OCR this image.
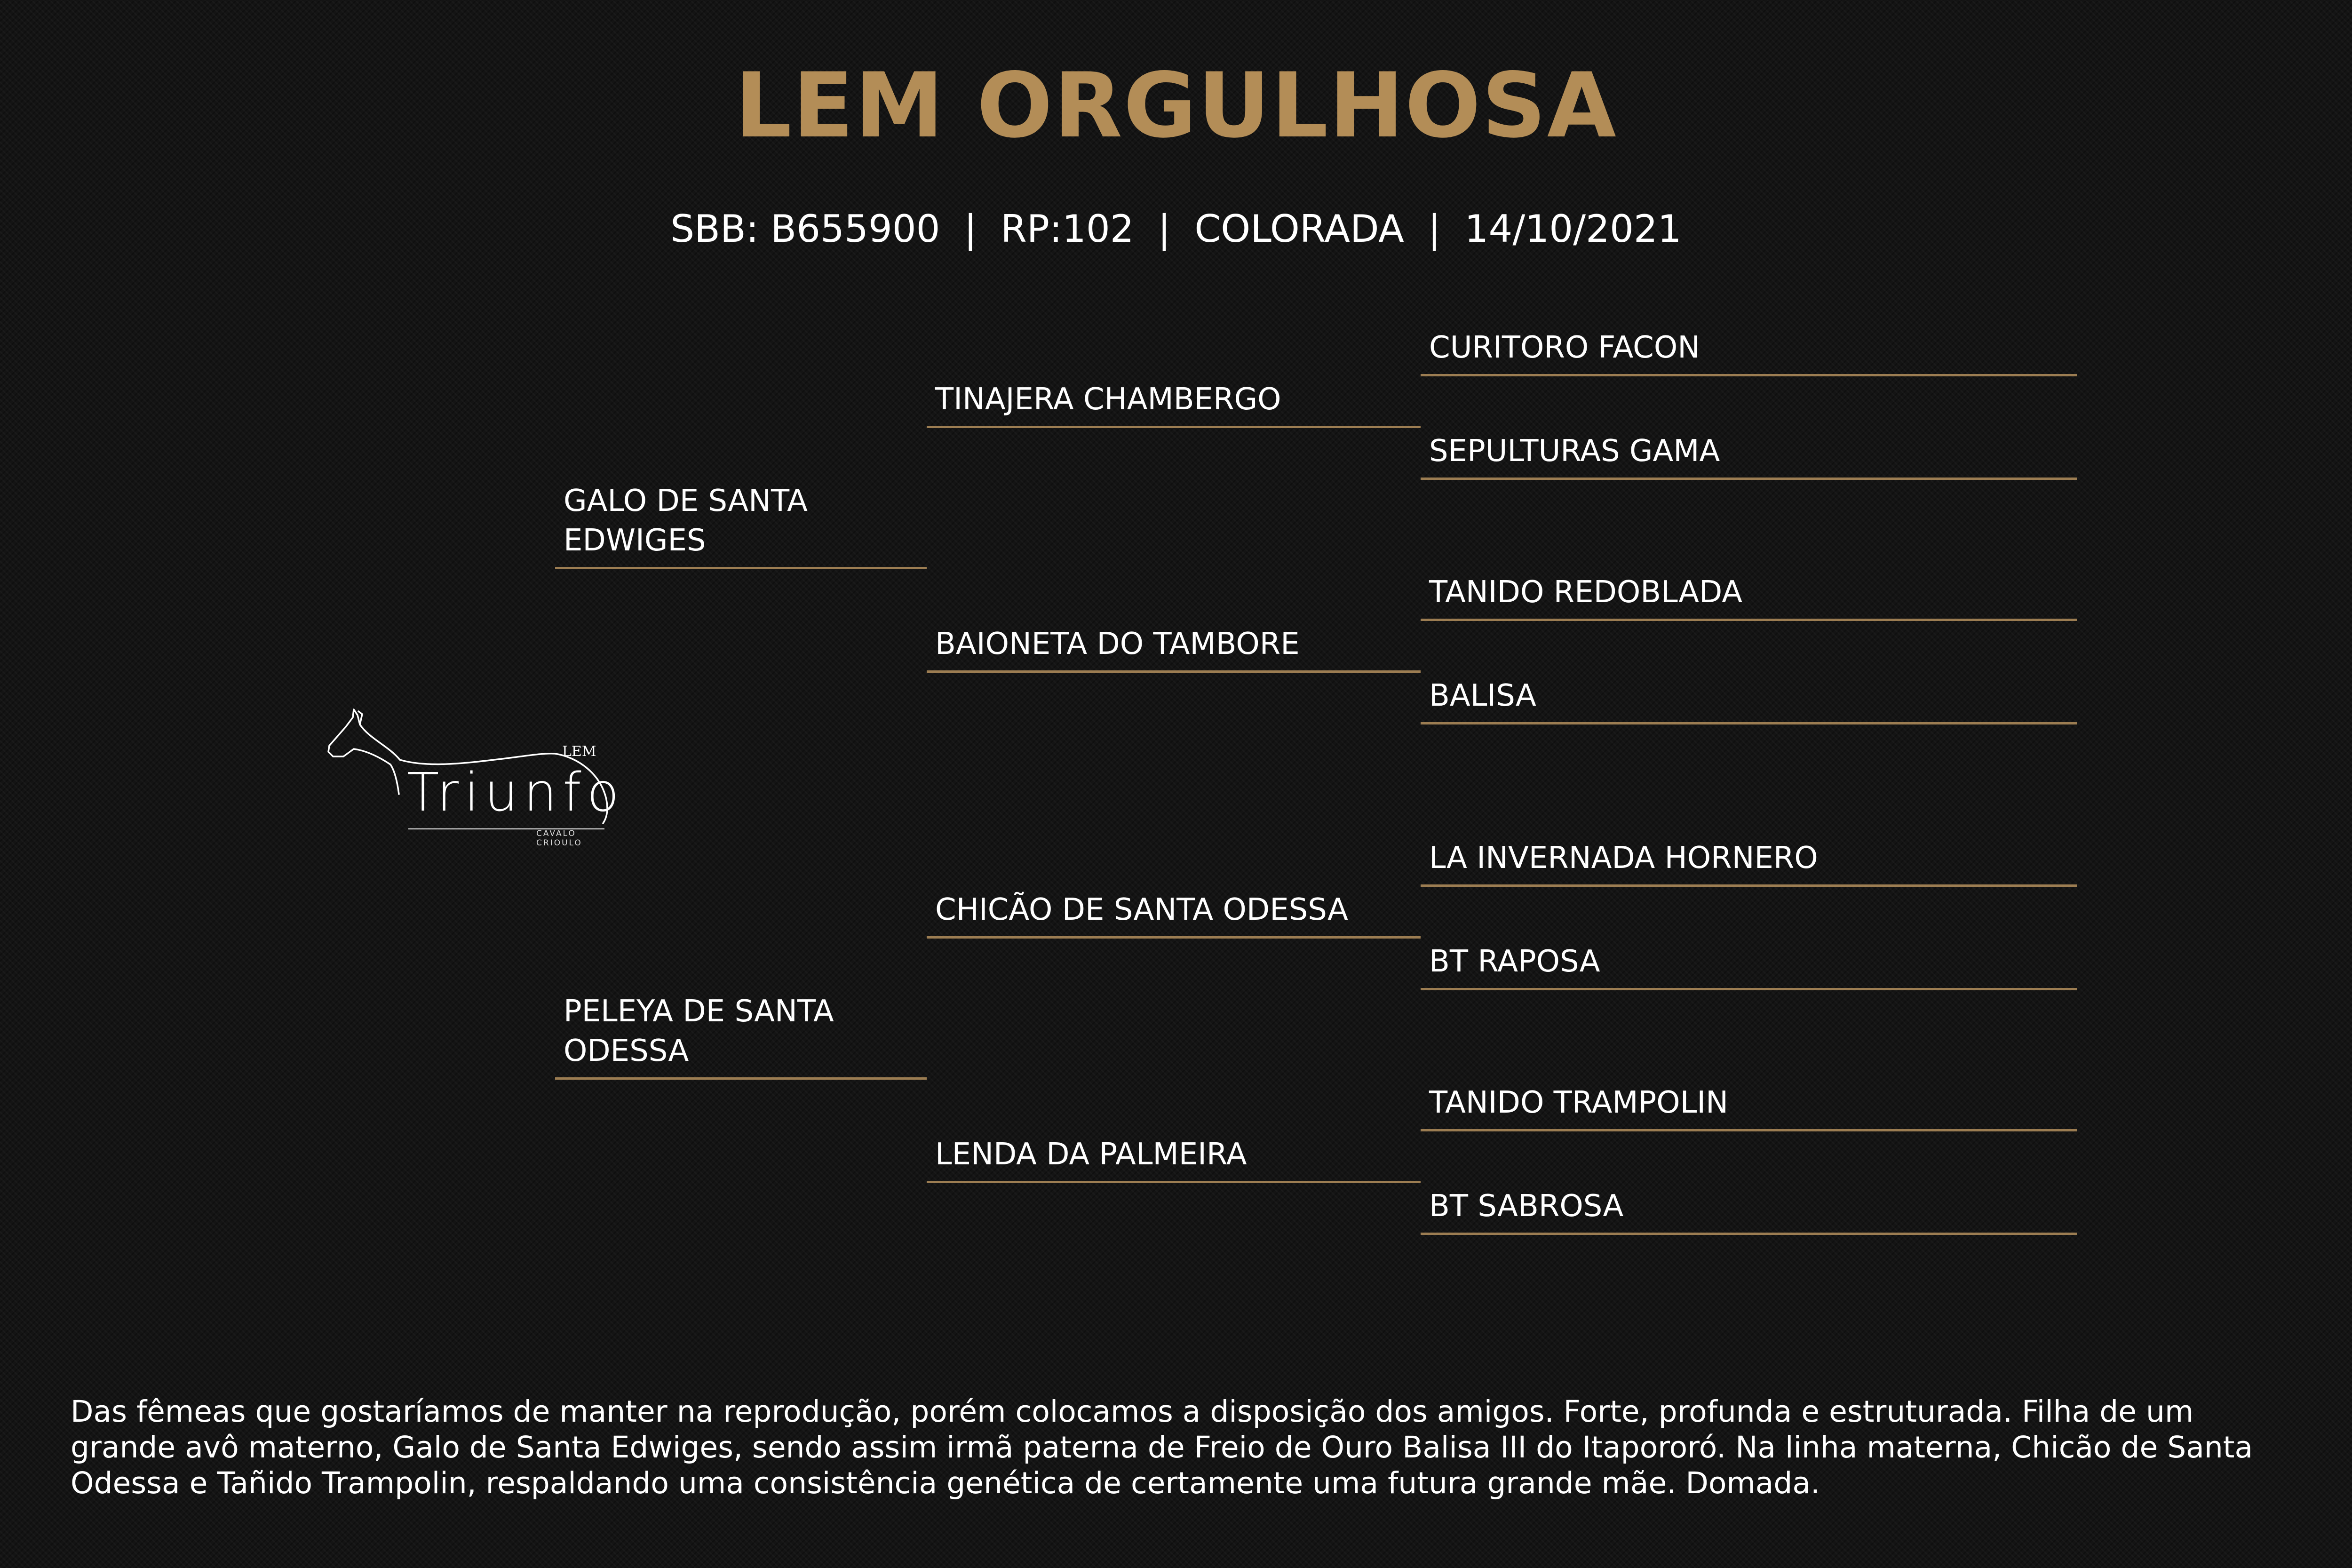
LEM ORGULHOSA
SBB: B655900  |  RP:102  |  COLORADA  |  14/10/2021
GALO DE SANTA EDWIGES
PELEYA DE SANTA ODESSA
TINAJERA CHAMBERGO
BAIONETA DO TAMBORE
CHICÃO DE SANTA ODESSA
LENDA DA PALMEIRA
CURITORO FACON
SEPULTURAS GAMA
TANIDO REDOBLADA
BALISA
LA INVERNADA HORNERO
BT RAPOSA
TANIDO TRAMPOLIN
BT SABROSA
LEM
Triunfo
CAVALO CRIOULO

Das fêmeas que gostaríamos de manter na reprodução, porém colocamos a disposição dos amigos. Forte, profunda e estruturada. Filha de um grande avô materno, Galo de Santa Edwiges, sendo assim irmã paterna de Freio de Ouro Balisa III do Itapororó. Na linha materna, Chicão de Santa Odessa e Tañido Trampolin, respaldando uma consistência genética de certamente uma futura grande mãe. Domada.
